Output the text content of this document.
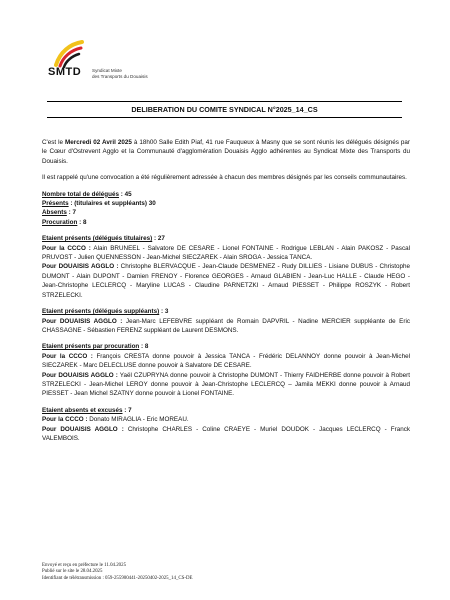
SMTD Syndicat Mixte
des Transports du Douaisis
DELIBERATION DU COMITE SYNDICAL N°2025_14_CS

C'est le Mercredi 02 Avril 2025 à 18h00 Salle Edith Piaf, 41 rue Fauqueux à Masny que se sont réunis les délégués désignés par le Cœur d'Ostrevent Agglo et la Communauté d'agglomération Douaisis Agglo adhérentes au Syndicat Mixte des Transports du Douaisis.

Il est rappelé qu'une convocation a été régulièrement adressée à chacun des membres désignés par les conseils communautaires.

Nombre total de délégués : 45

Présents : (titulaires et suppléants) 30

Absents : 7

Procuration : 8

Etaient présents (délégués titulaires) : 27

Pour la CCCO : Alain BRUNEEL - Salvatore DE CESARE - Lionel FONTAINE - Rodrigue LEBLAN - Alain PAKOSZ - Pascal PRUVOST - Julien QUENNESSON - Jean-Michel SIECZAREK - Alain SROGA - Jessica TANCA.

Pour DOUAISIS AGGLO : Christophe BLERVACQUE - Jean-Claude DESMENEZ - Rudy DILLIES - Lisiane DUBUS - Christophe DUMONT - Alain DUPONT - Damien FRENOY - Florence GEORGES - Arnaud GLABIEN - Jean-Luc HALLE - Claude HEGO - Jean-Christophe LECLERCQ - Maryline LUCAS - Claudine PARNETZKI - Arnaud PIESSET - Philippe ROSZYK - Robert STRZELECKI.

Etaient présents (délégués suppléants) : 3

Pour DOUAISIS AGGLO : Jean-Marc LEFEBVRE suppléant de Romain DAPVRIL - Nadine MERCIER suppléante de Eric CHASSAGNE - Sébastien FERENZ suppléant de Laurent DESMONS.

Etaient présents par procuration : 8

Pour la CCCO : François CRESTA donne pouvoir à Jessica TANCA - Frédéric DELANNOY donne pouvoir à Jean-Michel SIECZAREK - Marc DELECLUSE donne pouvoir à Salvatore DE CESARE.

Pour DOUAISIS AGGLO : Yaël CZUPRYNA donne pouvoir à Christophe DUMONT - Thierry FAIDHERBE donne pouvoir à Robert STRZELECKI - Jean-Michel LEROY donne pouvoir à Jean-Christophe LECLERCQ – Jamila MEKKI donne pouvoir à Arnaud PIESSET - Jean Michel SZATNY donne pouvoir à Lionel FONTAINE.

Etaient absents et excusés : 7

Pour la CCCO : Donato MIRAGLIA - Eric MOREAU.

Pour DOUAISIS AGGLO : Christophe CHARLES - Coline CRAEYE - Muriel DOUDOK - Jacques LECLERCQ - Franck VALEMBOIS.

Envoyé et reçu en préfecture le 11.04.2025
Publié sur le site le 28.04.2025
Identifiant de télétransmission : 059-255900441-20250402-2025_14_CS-DE
